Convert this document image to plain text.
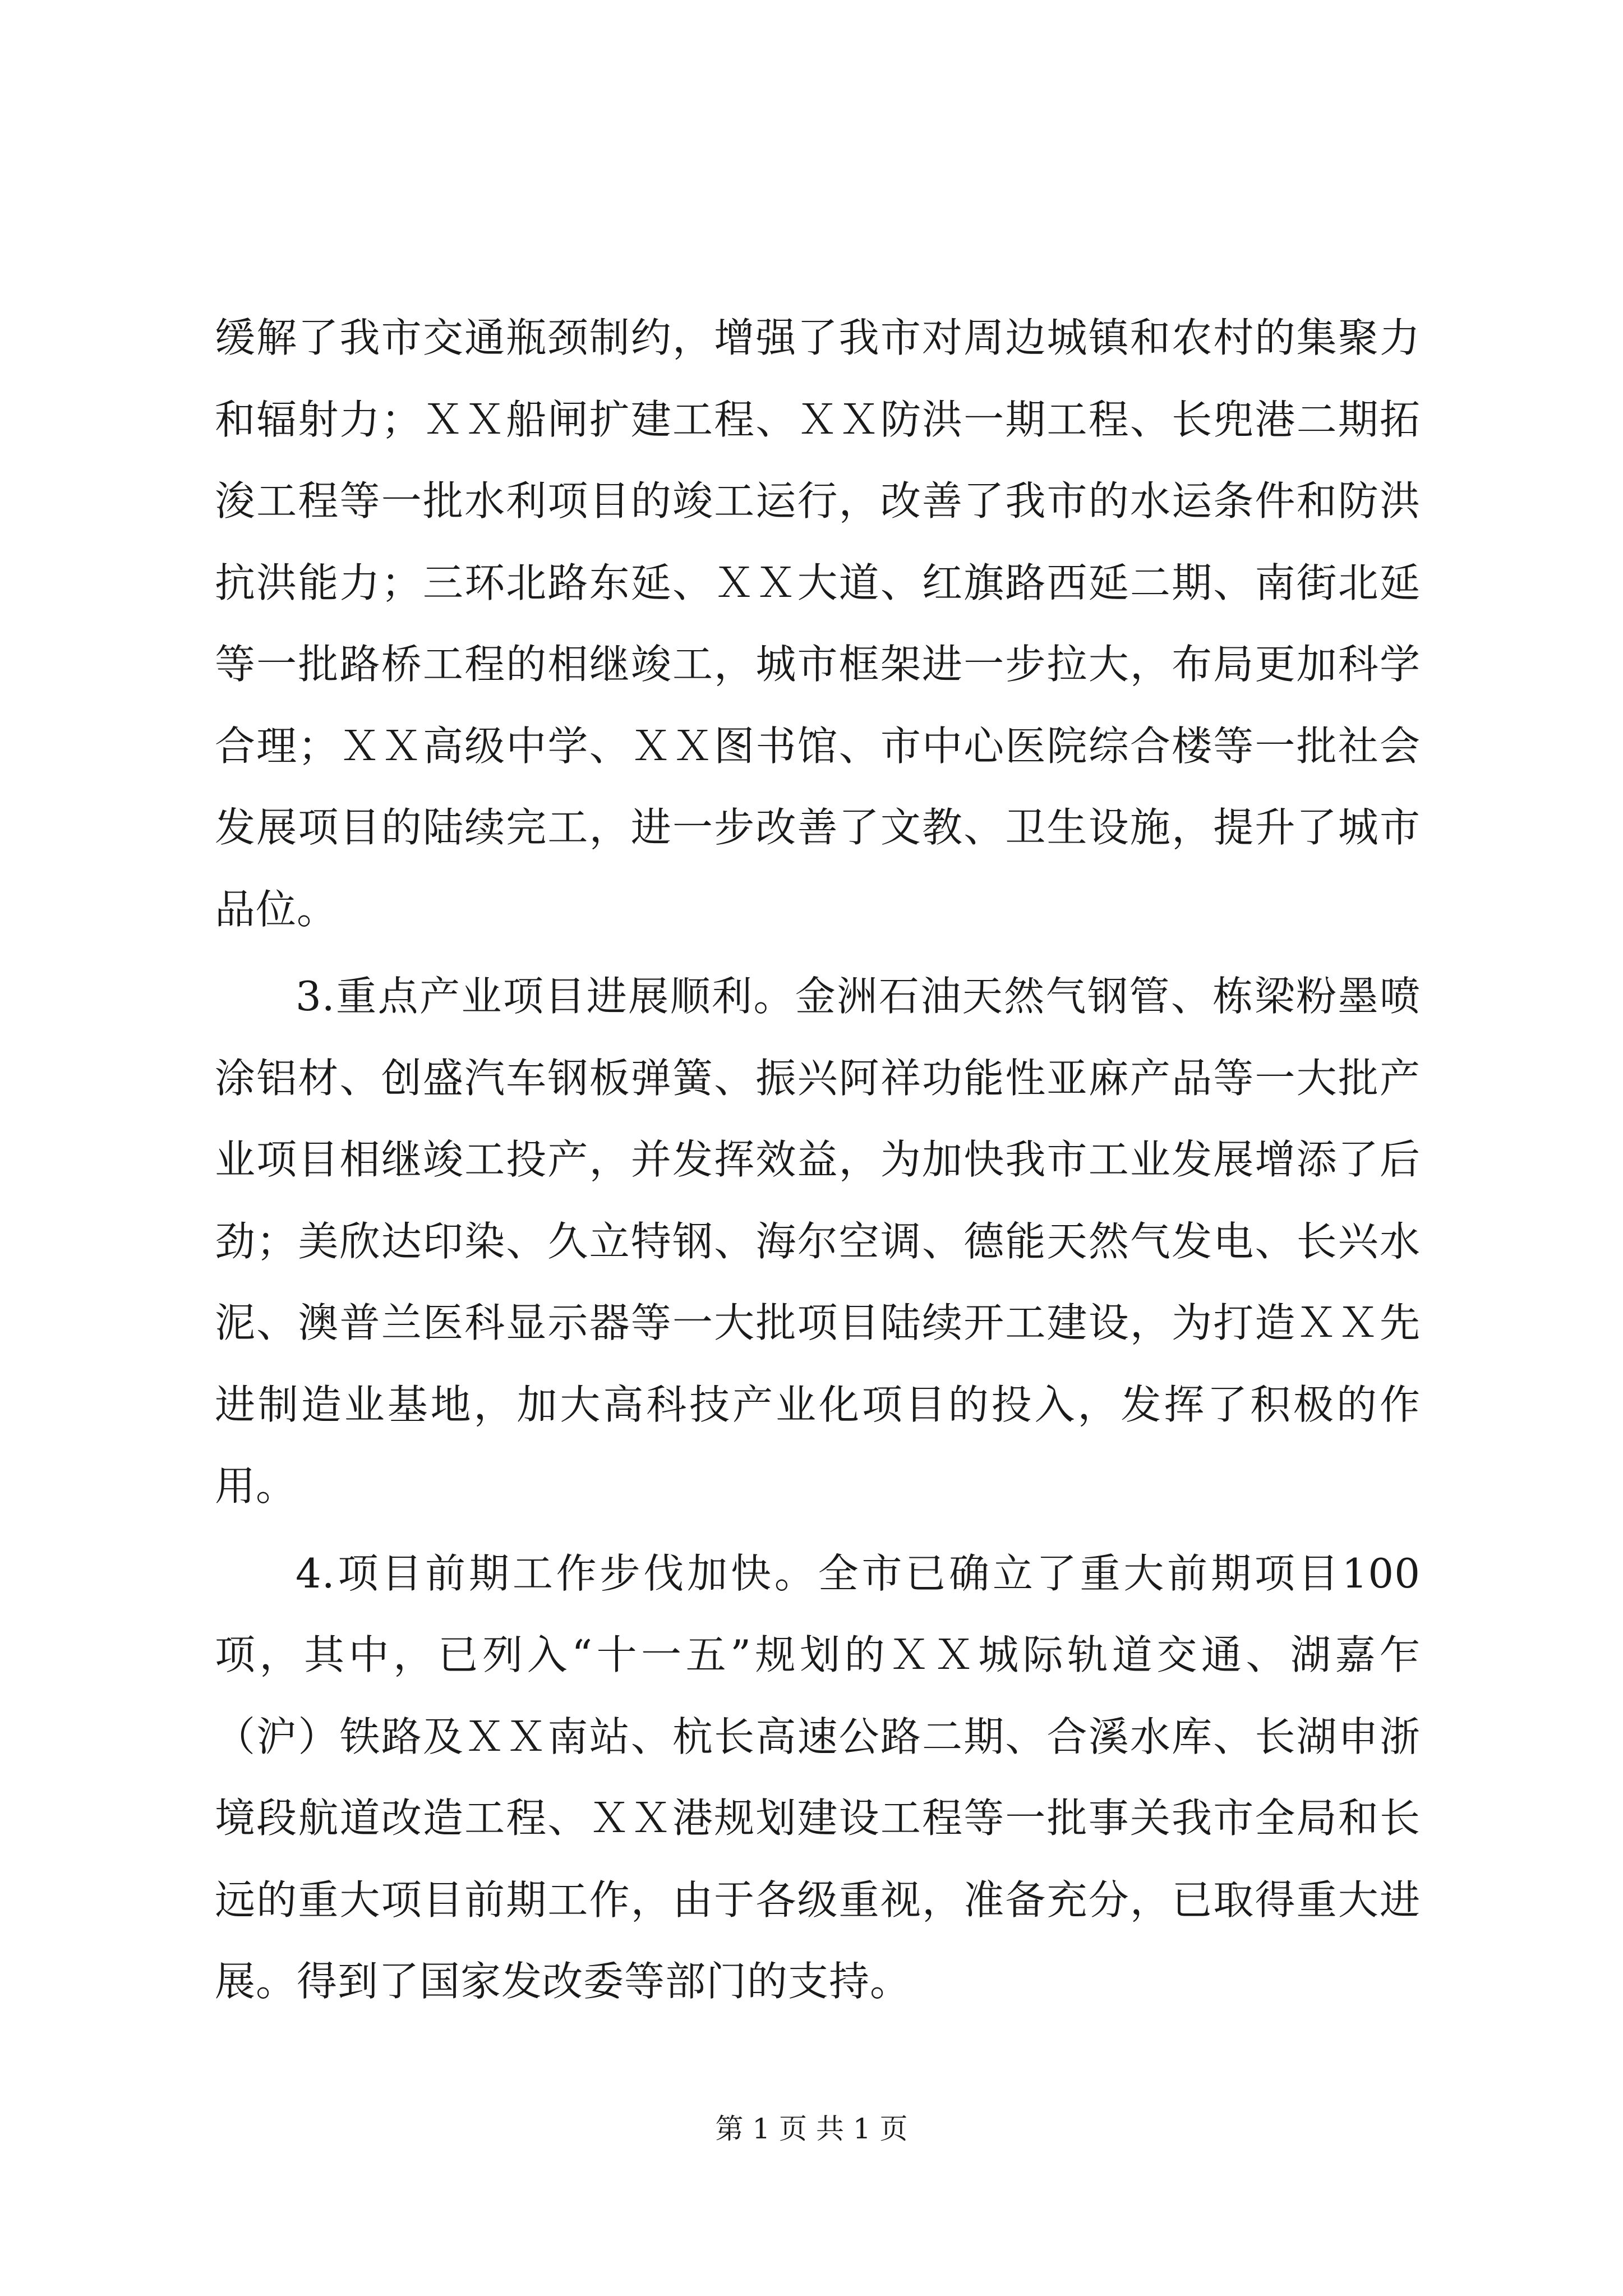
缓解了我市交通瓶颈制约，增强了我市对周边城镇和农村的集聚力和辐射力；ＸＸ船闸扩建工程、ＸＸ防洪一期工程、长兜港二期拓浚工程等一批水利项目的竣工运行，改善了我市的水运条件和防洪抗洪能力；三环北路东延、ＸＸ大道、红旗路西延二期、南街北延等一批路桥工程的相继竣工，城市框架进一步拉大，布局更加科学合理；ＸＸ高级中学、ＸＸ图书馆、市中心医院综合楼等一批社会发展项目的陆续完工，进一步改善了文教、卫生设施，提升了城市品位。

3.重点产业项目进展顺利。金洲石油天然气钢管、栋梁粉墨喷涂铝材、创盛汽车钢板弹簧、振兴阿祥功能性亚麻产品等一大批产业项目相继竣工投产，并发挥效益，为加快我市工业发展增添了后劲；美欣达印染、久立特钢、海尔空调、德能天然气发电、长兴水泥、澳普兰医科显示器等一大批项目陆续开工建设，为打造ＸＸ先进制造业基地，加大高科技产业化项目的投入，发挥了积极的作用。

4.项目前期工作步伐加快。全市已确立了重大前期项目100项，其中，已列入“十一五”规划的ＸＸ城际轨道交通、湖嘉乍（沪）铁路及ＸＸ南站、杭长高速公路二期、合溪水库、长湖申浙境段航道改造工程、ＸＸ港规划建设工程等一批事关我市全局和长远的重大项目前期工作，由于各级重视，准备充分，已取得重大进展。得到了国家发改委等部门的支持。

第 1 页 共 1 页
